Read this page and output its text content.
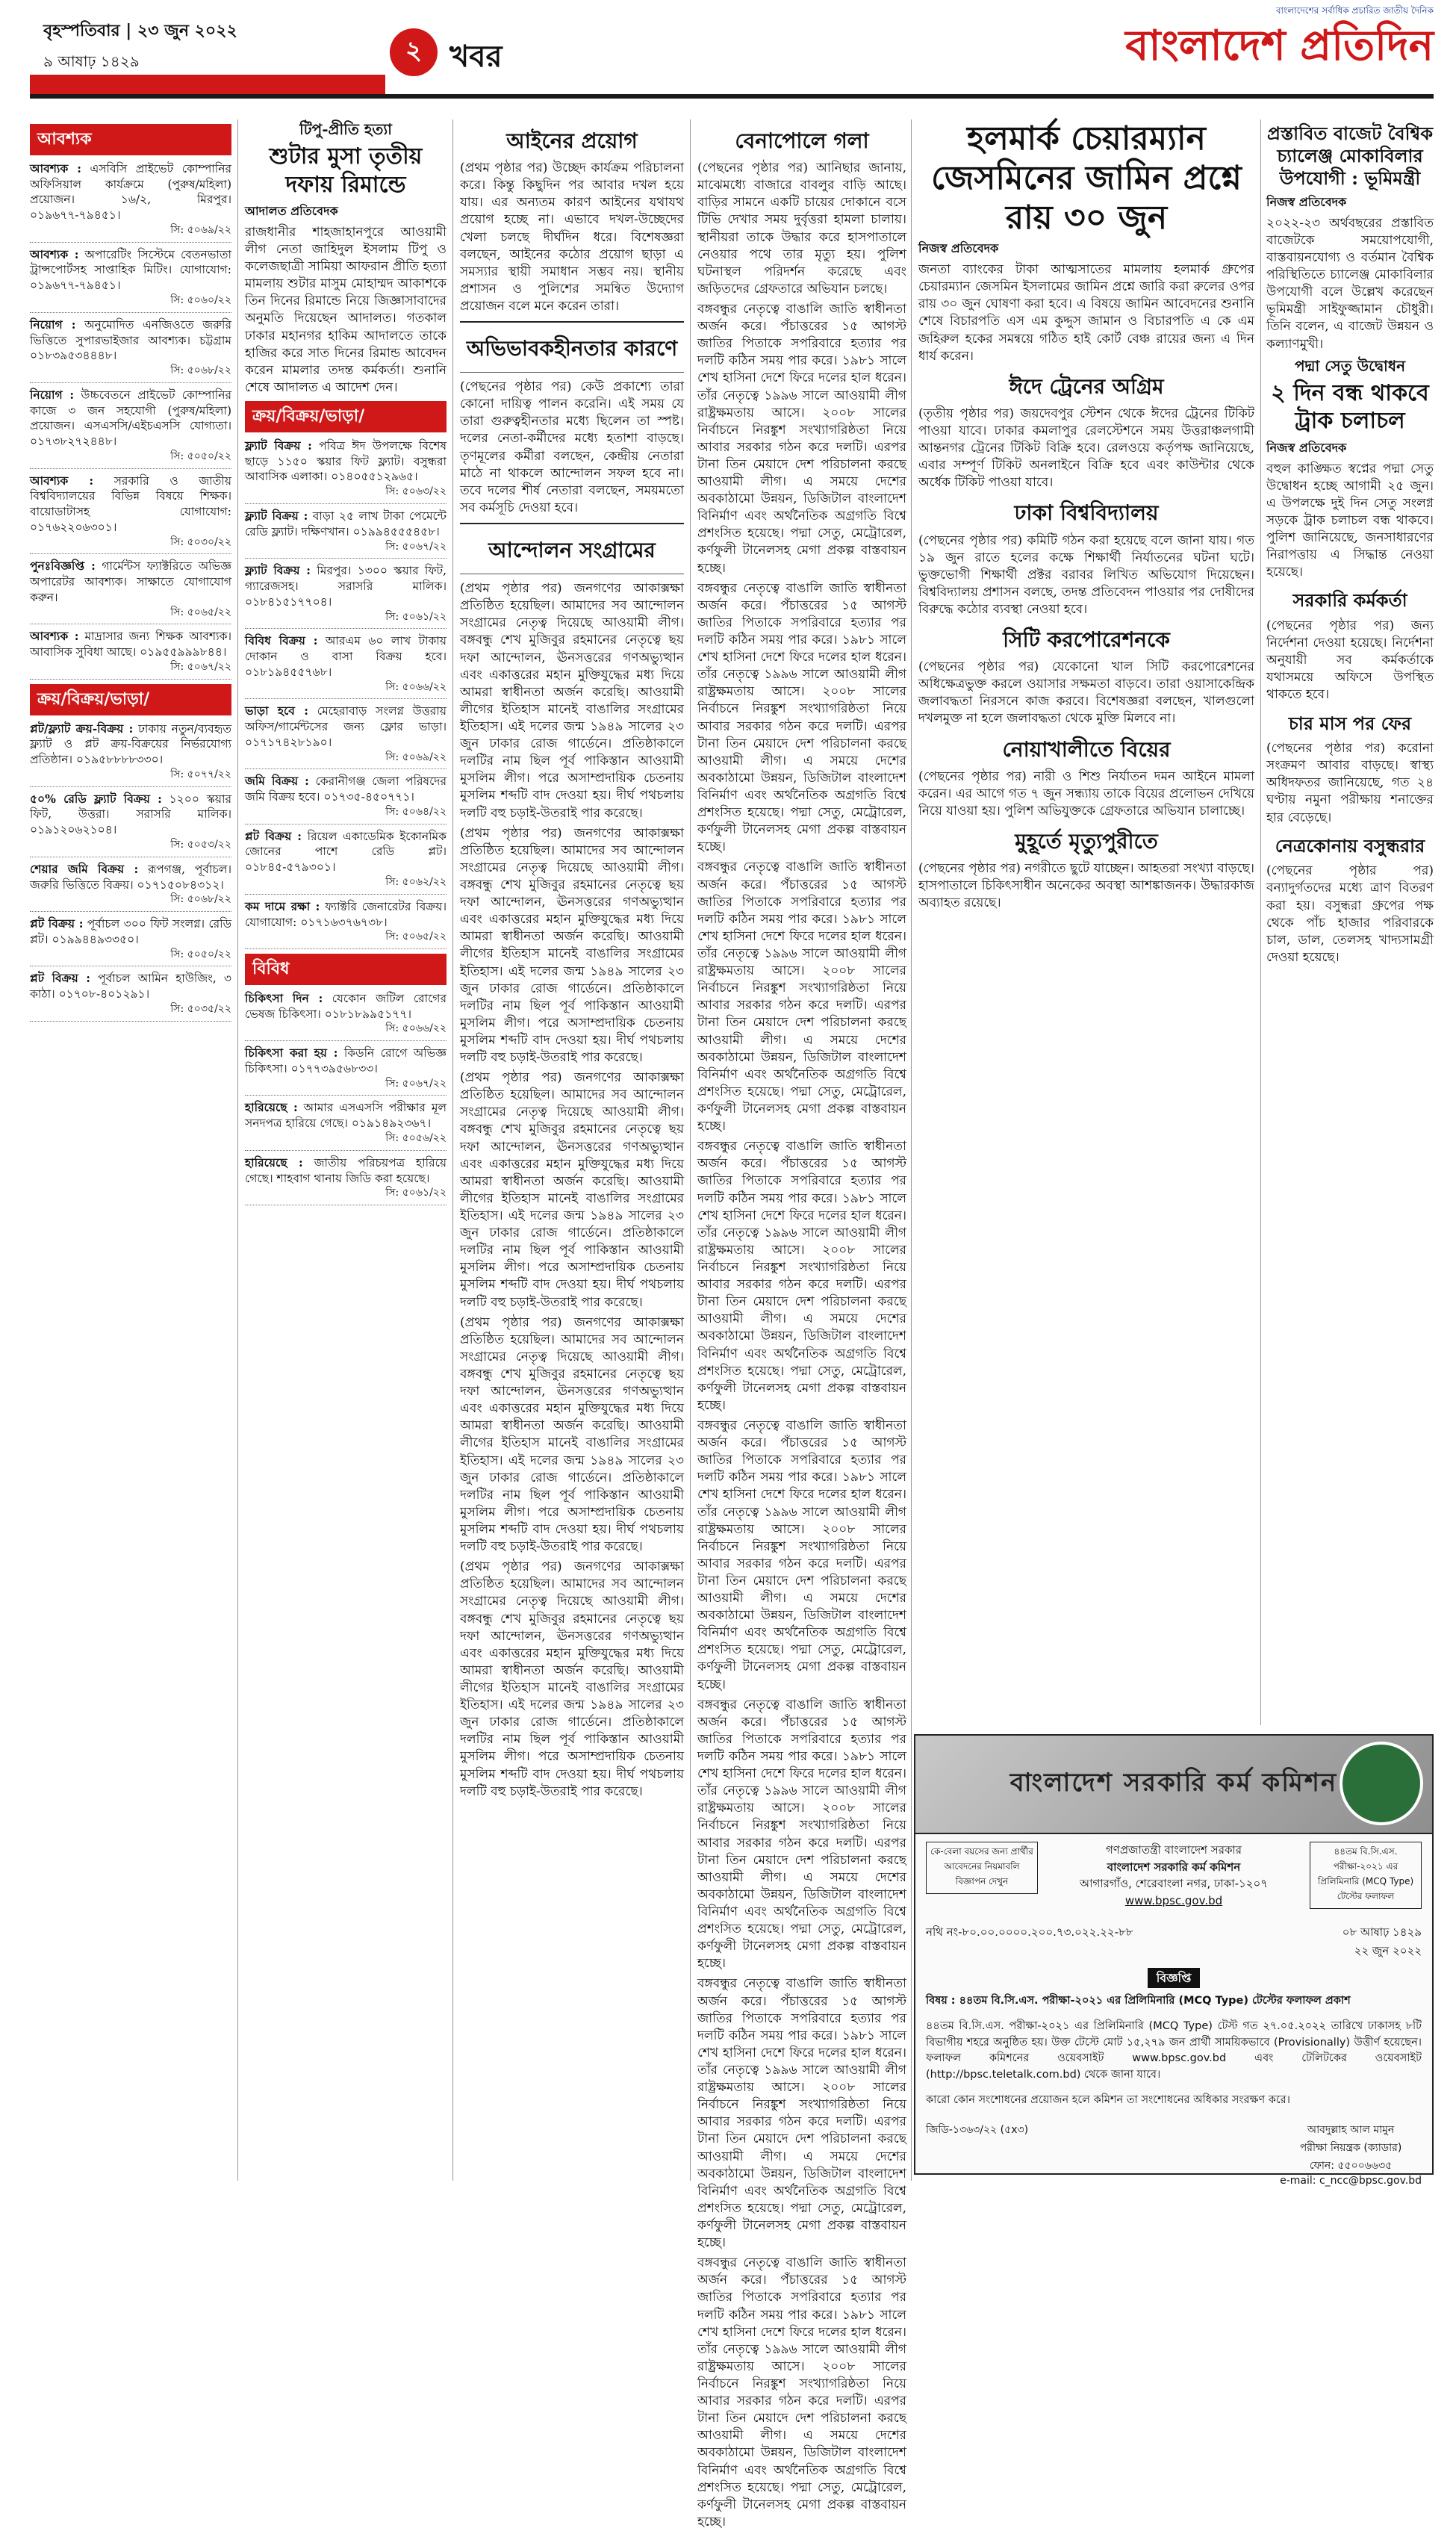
বৃহস্পতিবার | ২৩ জুন ২০২২
৯ আষাঢ় ১৪২৯	২ খবর
বাংলাদেশের সর্বাধিক প্রচারিত জাতীয় দৈনিক
বাংলাদেশ প্রতিদিন
আবশ্যক
আবশ্যক : এসবিসি প্রাইভেট কোম্পানির অফিসিয়াল কার্যক্রমে (পুরুষ/মহিলা) প্রয়োজন। ১৬/২, মিরপুর। ০১৯৬৭৭-৭৯৪৫১।
সি: ৫০৬৯/২২
আবশ্যক : অপারেটিং সিস্টেমে বেতনভাতা ট্রান্সপোর্টসহ সাপ্তাহিক মিটিং। যোগাযোগ: ০১৯৬৭৭-৭৯৪৫১।
সি: ৫০৬০/২২
নিয়োগ : অনুমোদিত এনজিওতে জরুরি ভিত্তিতে সুপারভাইজার আবশ্যক। চট্টগ্রাম ০১৮৩৯৫৩৪৪৪৮।
সি: ৫০৬৮/২২
নিয়োগ : উচ্চবেতনে প্রাইভেট কোম্পানির কাজে ৩ জন সহযোগী (পুরুষ/মহিলা) প্রয়োজন। এসএসসি/এইচএসসি যোগ্যতা। ০১৭৩৮২৭২৪৪৮।
সি: ৫০৫০/২২
আবশ্যক : সরকারি ও জাতীয় বিশ্ববিদ্যালয়ের বিভিন্ন বিষয়ে শিক্ষক। বায়োডাটাসহ যোগাযোগ: ০১৭৬২২০৬৩০১।
সি: ৫০৩০/২২
পুনঃবিজ্ঞপ্তি : গার্মেন্টস ফ্যাক্টরিতে অভিজ্ঞ অপারেটর আবশ্যক। সাক্ষাতে যোগাযোগ করুন।
সি: ৫০৬৫/২২
আবশ্যক : মাদ্রাসার জন্য শিক্ষক আবশ্যক। আবাসিক সুবিধা আছে। ০১৯৫৫৯৯৯৮৪৪।
সি: ৫০৬৭/২২
ক্রয়/বিক্রয়/ভাড়া/
প্লট/ফ্ল্যাট ক্রয়-বিক্রয় : ঢাকায় নতুন/ব্যবহৃত ফ্ল্যাট ও প্লট ক্রয়-বিক্রয়ের নির্ভরযোগ্য প্রতিষ্ঠান। ০১৯৫৮৮৮৮৩৩০।
সি: ৫০৭৭/২২
৫০% রেডি ফ্ল্যাট বিক্রয় : ১২০০ স্কয়ার ফিট, উত্তরা। সরাসরি মালিক। ০১৯১২০৬২১০৪।
সি: ৫০৫৩/২২
শেয়ার জমি বিক্রয় : রূপগঞ্জ, পূর্বাচল। জরুরি ভিত্তিতে বিক্রয়। ০১৭১৫০৮৪৩১২।
সি: ৫০৬৮/২২
প্লট বিক্রয় : পূর্বাচল ৩০০ ফিট সংলগ্ন। রেডি প্লট। ০১৯৯৪৪৯৩৩৫০।
সি: ৫০৫০/২২
প্লট বিক্রয় : পূর্বাচল আমিন হাউজিং, ৩ কাঠা। ০১৭০৮-৪০১২৯১।
সি: ৫০৩৫/২২
টিপু-প্রীতি হত্যা
শুটার মুসা তৃতীয় দফায় রিমান্ডে
আদালত প্রতিবেদক

রাজধানীর শাহজাহানপুরে আওয়ামী লীগ নেতা জাহিদুল ইসলাম টিপু ও কলেজছাত্রী সামিয়া আফরান প্রীতি হত্যা মামলায় শুটার মাসুম মোহাম্মদ আকাশকে তিন দিনের রিমান্ডে নিয়ে জিজ্ঞাসাবাদের অনুমতি দিয়েছেন আদালত। গতকাল ঢাকার মহানগর হাকিম আদালতে তাকে হাজির করে সাত দিনের রিমান্ড আবেদন করেন মামলার তদন্ত কর্মকর্তা। শুনানি শেষে আদালত এ আদেশ দেন।

ক্রয়/বিক্রয়/ভাড়া/
ফ্ল্যাট বিক্রয় : পবিত্র ঈদ উপলক্ষে বিশেষ ছাড়ে ১১৫০ স্কয়ার ফিট ফ্ল্যাট। বসুন্ধরা আবাসিক এলাকা। ০১৪০৫৫১২৯৬৫।
সি: ৫০৬৩/২২
ফ্ল্যাট বিক্রয় : বাড়া ২৫ লাখ টাকা পেমেন্টে রেডি ফ্ল্যাট। দক্ষিণখান। ০১৯৯৪৫৫৫৪৫৮।
সি: ৫০৬৭/২২
ফ্ল্যাট বিক্রয় : মিরপুর। ১৩০০ স্কয়ার ফিট, গ্যারেজসহ। সরাসরি মালিক। ০১৮৪১৫১৭৭০৪।
সি: ৫০৬১/২২
বিবিধ বিক্রয় : আরএম ৬০ লাখ টাকায় দোকান ও বাসা বিক্রয় হবে। ০১৮১৯৪৫৫৭৬৮।
সি: ৫০৬৬/২২
ভাড়া হবে : মেহেরাবাড় সংলগ্ন উত্তরায় অফিস/গার্মেন্টসের জন্য ফ্লোর ভাড়া। ০১৭১৭৪২৮১৯০।
সি: ৫০৬৯/২২
জমি বিক্রয় : কেরানীগঞ্জ জেলা পরিষদের জমি বিক্রয় হবে। ০১৭৩৫-৪৫০৭৭১।
সি: ৫০৬৪/২২
প্লট বিক্রয় : রিয়েল একাডেমিক ইকোনমিক জোনের পাশে রেডি প্লট। ০১৮৪৫-৫৭৯৩০১।
সি: ৫০৬২/২২
কম দামে রক্ষা : ফ্যাক্টরি জেনারেটর বিক্রয়। যোগাযোগ: ০১৭১৬৩৭৬৭৩৮।
সি: ৫০৬৫/২২
বিবিধ
চিকিৎসা দিন : যেকোন জটিল রোগের ভেষজ চিকিৎসা। ০১৮১৮৯৯৫১৭৭।
সি: ৫০৬৬/২২
চিকিৎসা করা হয় : কিডনি রোগে অভিজ্ঞ চিকিৎসা। ০১৭৭৩৯৫৬৮৩৩।
সি: ৫০৬৭/২২
হারিয়েছে : আমার এসএসসি পরীক্ষার মূল সনদপত্র হারিয়ে গেছে। ০১৯১৪৯২৩৬৭।
সি: ৫০৫৬/২২
হারিয়েছে : জাতীয় পরিচয়পত্র হারিয়ে গেছে। শাহবাগ থানায় জিডি করা হয়েছে।
সি: ৫০৬১/২২
আইনের প্রয়োগ

(প্রথম পৃষ্ঠার পর) উচ্ছেদ কার্যক্রম পরিচালনা করে। কিন্তু কিছুদিন পর আবার দখল হয়ে যায়। এর অন্যতম কারণ আইনের যথাযথ প্রয়োগ হচ্ছে না। এভাবে দখল-উচ্ছেদের খেলা চলছে দীর্ঘদিন ধরে। বিশেষজ্ঞরা বলছেন, আইনের কঠোর প্রয়োগ ছাড়া এ সমস্যার স্থায়ী সমাধান সম্ভব নয়। স্থানীয় প্রশাসন ও পুলিশের সমন্বিত উদ্যোগ প্রয়োজন বলে মনে করেন তারা।

অভিভাবকহীনতার কারণে

(পেছনের পৃষ্ঠার পর) কেউ প্রকাশ্যে তারা কোনো দায়িত্ব পালন করেনি। এই সময় যে তারা গুরুত্বহীনতার মধ্যে ছিলেন তা স্পষ্ট। দলের নেতা-কর্মীদের মধ্যে হতাশা বাড়ছে। তৃণমূলের কর্মীরা বলছেন, কেন্দ্রীয় নেতারা মাঠে না থাকলে আন্দোলন সফল হবে না। তবে দলের শীর্ষ নেতারা বলছেন, সময়মতো সব কর্মসূচি দেওয়া হবে।

আন্দোলন সংগ্রামের

(প্রথম পৃষ্ঠার পর) জনগণের আকাক্সক্ষা প্রতিষ্ঠিত হয়েছিল। আমাদের সব আন্দোলন সংগ্রামের নেতৃত্ব দিয়েছে আওয়ামী লীগ। বঙ্গবন্ধু শেখ মুজিবুর রহমানের নেতৃত্বে ছয় দফা আন্দোলন, ঊনসত্তরের গণঅভ্যুত্থান এবং একাত্তরের মহান মুক্তিযুদ্ধের মধ্য দিয়ে আমরা স্বাধীনতা অর্জন করেছি। আওয়ামী লীগের ইতিহাস মানেই বাঙালির সংগ্রামের ইতিহাস। এই দলের জন্ম ১৯৪৯ সালের ২৩ জুন ঢাকার রোজ গার্ডেনে। প্রতিষ্ঠাকালে দলটির নাম ছিল পূর্ব পাকিস্তান আওয়ামী মুসলিম লীগ। পরে অসাম্প্রদায়িক চেতনায় মুসলিম শব্দটি বাদ দেওয়া হয়। দীর্ঘ পথচলায় দলটি বহু চড়াই-উতরাই পার করেছে।

(প্রথম পৃষ্ঠার পর) জনগণের আকাক্সক্ষা প্রতিষ্ঠিত হয়েছিল। আমাদের সব আন্দোলন সংগ্রামের নেতৃত্ব দিয়েছে আওয়ামী লীগ। বঙ্গবন্ধু শেখ মুজিবুর রহমানের নেতৃত্বে ছয় দফা আন্দোলন, ঊনসত্তরের গণঅভ্যুত্থান এবং একাত্তরের মহান মুক্তিযুদ্ধের মধ্য দিয়ে আমরা স্বাধীনতা অর্জন করেছি। আওয়ামী লীগের ইতিহাস মানেই বাঙালির সংগ্রামের ইতিহাস। এই দলের জন্ম ১৯৪৯ সালের ২৩ জুন ঢাকার রোজ গার্ডেনে। প্রতিষ্ঠাকালে দলটির নাম ছিল পূর্ব পাকিস্তান আওয়ামী মুসলিম লীগ। পরে অসাম্প্রদায়িক চেতনায় মুসলিম শব্দটি বাদ দেওয়া হয়। দীর্ঘ পথচলায় দলটি বহু চড়াই-উতরাই পার করেছে।

(প্রথম পৃষ্ঠার পর) জনগণের আকাক্সক্ষা প্রতিষ্ঠিত হয়েছিল। আমাদের সব আন্দোলন সংগ্রামের নেতৃত্ব দিয়েছে আওয়ামী লীগ। বঙ্গবন্ধু শেখ মুজিবুর রহমানের নেতৃত্বে ছয় দফা আন্দোলন, ঊনসত্তরের গণঅভ্যুত্থান এবং একাত্তরের মহান মুক্তিযুদ্ধের মধ্য দিয়ে আমরা স্বাধীনতা অর্জন করেছি। আওয়ামী লীগের ইতিহাস মানেই বাঙালির সংগ্রামের ইতিহাস। এই দলের জন্ম ১৯৪৯ সালের ২৩ জুন ঢাকার রোজ গার্ডেনে। প্রতিষ্ঠাকালে দলটির নাম ছিল পূর্ব পাকিস্তান আওয়ামী মুসলিম লীগ। পরে অসাম্প্রদায়িক চেতনায় মুসলিম শব্দটি বাদ দেওয়া হয়। দীর্ঘ পথচলায় দলটি বহু চড়াই-উতরাই পার করেছে।

(প্রথম পৃষ্ঠার পর) জনগণের আকাক্সক্ষা প্রতিষ্ঠিত হয়েছিল। আমাদের সব আন্দোলন সংগ্রামের নেতৃত্ব দিয়েছে আওয়ামী লীগ। বঙ্গবন্ধু শেখ মুজিবুর রহমানের নেতৃত্বে ছয় দফা আন্দোলন, ঊনসত্তরের গণঅভ্যুত্থান এবং একাত্তরের মহান মুক্তিযুদ্ধের মধ্য দিয়ে আমরা স্বাধীনতা অর্জন করেছি। আওয়ামী লীগের ইতিহাস মানেই বাঙালির সংগ্রামের ইতিহাস। এই দলের জন্ম ১৯৪৯ সালের ২৩ জুন ঢাকার রোজ গার্ডেনে। প্রতিষ্ঠাকালে দলটির নাম ছিল পূর্ব পাকিস্তান আওয়ামী মুসলিম লীগ। পরে অসাম্প্রদায়িক চেতনায় মুসলিম শব্দটি বাদ দেওয়া হয়। দীর্ঘ পথচলায় দলটি বহু চড়াই-উতরাই পার করেছে।

(প্রথম পৃষ্ঠার পর) জনগণের আকাক্সক্ষা প্রতিষ্ঠিত হয়েছিল। আমাদের সব আন্দোলন সংগ্রামের নেতৃত্ব দিয়েছে আওয়ামী লীগ। বঙ্গবন্ধু শেখ মুজিবুর রহমানের নেতৃত্বে ছয় দফা আন্দোলন, ঊনসত্তরের গণঅভ্যুত্থান এবং একাত্তরের মহান মুক্তিযুদ্ধের মধ্য দিয়ে আমরা স্বাধীনতা অর্জন করেছি। আওয়ামী লীগের ইতিহাস মানেই বাঙালির সংগ্রামের ইতিহাস। এই দলের জন্ম ১৯৪৯ সালের ২৩ জুন ঢাকার রোজ গার্ডেনে। প্রতিষ্ঠাকালে দলটির নাম ছিল পূর্ব পাকিস্তান আওয়ামী মুসলিম লীগ। পরে অসাম্প্রদায়িক চেতনায় মুসলিম শব্দটি বাদ দেওয়া হয়। দীর্ঘ পথচলায় দলটি বহু চড়াই-উতরাই পার করেছে।

বেনাপোলে গলা

(পেছনের পৃষ্ঠার পর) আনিছার জানায়, মাঝেমধ্যে বাজারে বাবলুর বাড়ি আছে। বাড়ির সামনে একটি চায়ের দোকানে বসে টিভি দেখার সময় দুর্বৃত্তরা হামলা চালায়। স্থানীয়রা তাকে উদ্ধার করে হাসপাতালে নেওয়ার পথে তার মৃত্যু হয়। পুলিশ ঘটনাস্থল পরিদর্শন করেছে এবং জড়িতদের গ্রেফতারে অভিযান চলছে।

বঙ্গবন্ধুর নেতৃত্বে বাঙালি জাতি স্বাধীনতা অর্জন করে। পঁচাত্তরের ১৫ আগস্ট জাতির পিতাকে সপরিবারে হত্যার পর দলটি কঠিন সময় পার করে। ১৯৮১ সালে শেখ হাসিনা দেশে ফিরে দলের হাল ধরেন। তাঁর নেতৃত্বে ১৯৯৬ সালে আওয়ামী লীগ রাষ্ট্রক্ষমতায় আসে। ২০০৮ সালের নির্বাচনে নিরঙ্কুশ সংখ্যাগরিষ্ঠতা নিয়ে আবার সরকার গঠন করে দলটি। এরপর টানা তিন মেয়াদে দেশ পরিচালনা করছে আওয়ামী লীগ। এ সময়ে দেশের অবকাঠামো উন্নয়ন, ডিজিটাল বাংলাদেশ বিনির্মাণ এবং অর্থনৈতিক অগ্রগতি বিশ্বে প্রশংসিত হয়েছে। পদ্মা সেতু, মেট্রোরেল, কর্ণফুলী টানেলসহ মেগা প্রকল্প বাস্তবায়ন হচ্ছে।

বঙ্গবন্ধুর নেতৃত্বে বাঙালি জাতি স্বাধীনতা অর্জন করে। পঁচাত্তরের ১৫ আগস্ট জাতির পিতাকে সপরিবারে হত্যার পর দলটি কঠিন সময় পার করে। ১৯৮১ সালে শেখ হাসিনা দেশে ফিরে দলের হাল ধরেন। তাঁর নেতৃত্বে ১৯৯৬ সালে আওয়ামী লীগ রাষ্ট্রক্ষমতায় আসে। ২০০৮ সালের নির্বাচনে নিরঙ্কুশ সংখ্যাগরিষ্ঠতা নিয়ে আবার সরকার গঠন করে দলটি। এরপর টানা তিন মেয়াদে দেশ পরিচালনা করছে আওয়ামী লীগ। এ সময়ে দেশের অবকাঠামো উন্নয়ন, ডিজিটাল বাংলাদেশ বিনির্মাণ এবং অর্থনৈতিক অগ্রগতি বিশ্বে প্রশংসিত হয়েছে। পদ্মা সেতু, মেট্রোরেল, কর্ণফুলী টানেলসহ মেগা প্রকল্প বাস্তবায়ন হচ্ছে।

বঙ্গবন্ধুর নেতৃত্বে বাঙালি জাতি স্বাধীনতা অর্জন করে। পঁচাত্তরের ১৫ আগস্ট জাতির পিতাকে সপরিবারে হত্যার পর দলটি কঠিন সময় পার করে। ১৯৮১ সালে শেখ হাসিনা দেশে ফিরে দলের হাল ধরেন। তাঁর নেতৃত্বে ১৯৯৬ সালে আওয়ামী লীগ রাষ্ট্রক্ষমতায় আসে। ২০০৮ সালের নির্বাচনে নিরঙ্কুশ সংখ্যাগরিষ্ঠতা নিয়ে আবার সরকার গঠন করে দলটি। এরপর টানা তিন মেয়াদে দেশ পরিচালনা করছে আওয়ামী লীগ। এ সময়ে দেশের অবকাঠামো উন্নয়ন, ডিজিটাল বাংলাদেশ বিনির্মাণ এবং অর্থনৈতিক অগ্রগতি বিশ্বে প্রশংসিত হয়েছে। পদ্মা সেতু, মেট্রোরেল, কর্ণফুলী টানেলসহ মেগা প্রকল্প বাস্তবায়ন হচ্ছে।

বঙ্গবন্ধুর নেতৃত্বে বাঙালি জাতি স্বাধীনতা অর্জন করে। পঁচাত্তরের ১৫ আগস্ট জাতির পিতাকে সপরিবারে হত্যার পর দলটি কঠিন সময় পার করে। ১৯৮১ সালে শেখ হাসিনা দেশে ফিরে দলের হাল ধরেন। তাঁর নেতৃত্বে ১৯৯৬ সালে আওয়ামী লীগ রাষ্ট্রক্ষমতায় আসে। ২০০৮ সালের নির্বাচনে নিরঙ্কুশ সংখ্যাগরিষ্ঠতা নিয়ে আবার সরকার গঠন করে দলটি। এরপর টানা তিন মেয়াদে দেশ পরিচালনা করছে আওয়ামী লীগ। এ সময়ে দেশের অবকাঠামো উন্নয়ন, ডিজিটাল বাংলাদেশ বিনির্মাণ এবং অর্থনৈতিক অগ্রগতি বিশ্বে প্রশংসিত হয়েছে। পদ্মা সেতু, মেট্রোরেল, কর্ণফুলী টানেলসহ মেগা প্রকল্প বাস্তবায়ন হচ্ছে।

বঙ্গবন্ধুর নেতৃত্বে বাঙালি জাতি স্বাধীনতা অর্জন করে। পঁচাত্তরের ১৫ আগস্ট জাতির পিতাকে সপরিবারে হত্যার পর দলটি কঠিন সময় পার করে। ১৯৮১ সালে শেখ হাসিনা দেশে ফিরে দলের হাল ধরেন। তাঁর নেতৃত্বে ১৯৯৬ সালে আওয়ামী লীগ রাষ্ট্রক্ষমতায় আসে। ২০০৮ সালের নির্বাচনে নিরঙ্কুশ সংখ্যাগরিষ্ঠতা নিয়ে আবার সরকার গঠন করে দলটি। এরপর টানা তিন মেয়াদে দেশ পরিচালনা করছে আওয়ামী লীগ। এ সময়ে দেশের অবকাঠামো উন্নয়ন, ডিজিটাল বাংলাদেশ বিনির্মাণ এবং অর্থনৈতিক অগ্রগতি বিশ্বে প্রশংসিত হয়েছে। পদ্মা সেতু, মেট্রোরেল, কর্ণফুলী টানেলসহ মেগা প্রকল্প বাস্তবায়ন হচ্ছে।

বঙ্গবন্ধুর নেতৃত্বে বাঙালি জাতি স্বাধীনতা অর্জন করে। পঁচাত্তরের ১৫ আগস্ট জাতির পিতাকে সপরিবারে হত্যার পর দলটি কঠিন সময় পার করে। ১৯৮১ সালে শেখ হাসিনা দেশে ফিরে দলের হাল ধরেন। তাঁর নেতৃত্বে ১৯৯৬ সালে আওয়ামী লীগ রাষ্ট্রক্ষমতায় আসে। ২০০৮ সালের নির্বাচনে নিরঙ্কুশ সংখ্যাগরিষ্ঠতা নিয়ে আবার সরকার গঠন করে দলটি। এরপর টানা তিন মেয়াদে দেশ পরিচালনা করছে আওয়ামী লীগ। এ সময়ে দেশের অবকাঠামো উন্নয়ন, ডিজিটাল বাংলাদেশ বিনির্মাণ এবং অর্থনৈতিক অগ্রগতি বিশ্বে প্রশংসিত হয়েছে। পদ্মা সেতু, মেট্রোরেল, কর্ণফুলী টানেলসহ মেগা প্রকল্প বাস্তবায়ন হচ্ছে।

বঙ্গবন্ধুর নেতৃত্বে বাঙালি জাতি স্বাধীনতা অর্জন করে। পঁচাত্তরের ১৫ আগস্ট জাতির পিতাকে সপরিবারে হত্যার পর দলটি কঠিন সময় পার করে। ১৯৮১ সালে শেখ হাসিনা দেশে ফিরে দলের হাল ধরেন। তাঁর নেতৃত্বে ১৯৯৬ সালে আওয়ামী লীগ রাষ্ট্রক্ষমতায় আসে। ২০০৮ সালের নির্বাচনে নিরঙ্কুশ সংখ্যাগরিষ্ঠতা নিয়ে আবার সরকার গঠন করে দলটি। এরপর টানা তিন মেয়াদে দেশ পরিচালনা করছে আওয়ামী লীগ। এ সময়ে দেশের অবকাঠামো উন্নয়ন, ডিজিটাল বাংলাদেশ বিনির্মাণ এবং অর্থনৈতিক অগ্রগতি বিশ্বে প্রশংসিত হয়েছে। পদ্মা সেতু, মেট্রোরেল, কর্ণফুলী টানেলসহ মেগা প্রকল্প বাস্তবায়ন হচ্ছে।

বঙ্গবন্ধুর নেতৃত্বে বাঙালি জাতি স্বাধীনতা অর্জন করে। পঁচাত্তরের ১৫ আগস্ট জাতির পিতাকে সপরিবারে হত্যার পর দলটি কঠিন সময় পার করে। ১৯৮১ সালে শেখ হাসিনা দেশে ফিরে দলের হাল ধরেন। তাঁর নেতৃত্বে ১৯৯৬ সালে আওয়ামী লীগ রাষ্ট্রক্ষমতায় আসে। ২০০৮ সালের নির্বাচনে নিরঙ্কুশ সংখ্যাগরিষ্ঠতা নিয়ে আবার সরকার গঠন করে দলটি। এরপর টানা তিন মেয়াদে দেশ পরিচালনা করছে আওয়ামী লীগ। এ সময়ে দেশের অবকাঠামো উন্নয়ন, ডিজিটাল বাংলাদেশ বিনির্মাণ এবং অর্থনৈতিক অগ্রগতি বিশ্বে প্রশংসিত হয়েছে। পদ্মা সেতু, মেট্রোরেল, কর্ণফুলী টানেলসহ মেগা প্রকল্প বাস্তবায়ন হচ্ছে।

হলমার্ক চেয়ারম্যান জেসমিনের জামিন প্রশ্নে রায় ৩০ জুন
নিজস্ব প্রতিবেদক

জনতা ব্যাংকের টাকা আত্মসাতের মামলায় হলমার্ক গ্রুপের চেয়ারম্যান জেসমিন ইসলামের জামিন প্রশ্নে জারি করা রুলের ওপর রায় ৩০ জুন ঘোষণা করা হবে। এ বিষয়ে জামিন আবেদনের শুনানি শেষে বিচারপতি এস এম কুদ্দুস জামান ও বিচারপতি এ কে এম জহিরুল হকের সমন্বয়ে গঠিত হাই কোর্ট বেঞ্চ রায়ের জন্য এ দিন ধার্য করেন।

ঈদে ট্রেনের অগ্রিম

(তৃতীয় পৃষ্ঠার পর) জয়দেবপুর স্টেশন থেকে ঈদের ট্রেনের টিকিট পাওয়া যাবে। ঢাকার কমলাপুর রেলস্টেশনে সময় উত্তরাঞ্চলগামী আন্তনগর ট্রেনের টিকিট বিক্রি হবে। রেলওয়ে কর্তৃপক্ষ জানিয়েছে, এবার সম্পূর্ণ টিকিট অনলাইনে বিক্রি হবে এবং কাউন্টার থেকে অর্ধেক টিকিট পাওয়া যাবে।

ঢাকা বিশ্ববিদ্যালয়

(পেছনের পৃষ্ঠার পর) কমিটি গঠন করা হয়েছে বলে জানা যায়। গত ১৯ জুন রাতে হলের কক্ষে শিক্ষার্থী নির্যাতনের ঘটনা ঘটে। ভুক্তভোগী শিক্ষার্থী প্রক্টর বরাবর লিখিত অভিযোগ দিয়েছেন। বিশ্ববিদ্যালয় প্রশাসন বলছে, তদন্ত প্রতিবেদন পাওয়ার পর দোষীদের বিরুদ্ধে কঠোর ব্যবস্থা নেওয়া হবে।

সিটি করপোরেশনকে

(পেছনের পৃষ্ঠার পর) যেকোনো খাল সিটি করপোরেশনের অধিক্ষেত্রভুক্ত করলে ওয়াসার সক্ষমতা বাড়বে। তারা ওয়াসাকেন্দ্রিক জলাবদ্ধতা নিরসনে কাজ করবে। বিশেষজ্ঞরা বলছেন, খালগুলো দখলমুক্ত না হলে জলাবদ্ধতা থেকে মুক্তি মিলবে না।

নোয়াখালীতে বিয়ের

(পেছনের পৃষ্ঠার পর) নারী ও শিশু নির্যাতন দমন আইনে মামলা করেন। এর আগে গত ৭ জুন সন্ধ্যায় তাকে বিয়ের প্রলোভন দেখিয়ে নিয়ে যাওয়া হয়। পুলিশ অভিযুক্তকে গ্রেফতারে অভিযান চালাচ্ছে।

মুহূর্তে মৃত্যুপুরীতে

(পেছনের পৃষ্ঠার পর) নগরীতে ছুটে যাচ্ছেন। আহতরা সংখ্যা বাড়ছে। হাসপাতালে চিকিৎসাধীন অনেকের অবস্থা আশঙ্কাজনক। উদ্ধারকাজ অব্যাহত রয়েছে।

প্রস্তাবিত বাজেট বৈশ্বিক চ্যালেঞ্জ মোকাবিলার উপযোগী : ভূমিমন্ত্রী
নিজস্ব প্রতিবেদক

২০২২-২৩ অর্থবছরের প্রস্তাবিত বাজেটকে সময়োপযোগী, বাস্তবায়নযোগ্য ও বর্তমান বৈশ্বিক পরিস্থিতিতে চ্যালেঞ্জ মোকাবিলার উপযোগী বলে উল্লেখ করেছেন ভূমিমন্ত্রী সাইফুজ্জামান চৌধুরী। তিনি বলেন, এ বাজেট উন্নয়ন ও কল্যাণমুখী।

পদ্মা সেতু উদ্বোধন
২ দিন বন্ধ থাকবে ট্রাক চলাচল
নিজস্ব প্রতিবেদক

বহুল কাঙ্ক্ষিত স্বপ্নের পদ্মা সেতু উদ্বোধন হচ্ছে আগামী ২৫ জুন। এ উপলক্ষে দুই দিন সেতু সংলগ্ন সড়কে ট্রাক চলাচল বন্ধ থাকবে। পুলিশ জানিয়েছে, জনসাধারণের নিরাপত্তায় এ সিদ্ধান্ত নেওয়া হয়েছে।

সরকারি কর্মকর্তা

(পেছনের পৃষ্ঠার পর) জন্য নির্দেশনা দেওয়া হয়েছে। নির্দেশনা অনুযায়ী সব কর্মকর্তাকে যথাসময়ে অফিসে উপস্থিত থাকতে হবে।

চার মাস পর ফের

(পেছনের পৃষ্ঠার পর) করোনা সংক্রমণ আবার বাড়ছে। স্বাস্থ্য অধিদফতর জানিয়েছে, গত ২৪ ঘণ্টায় নমুনা পরীক্ষায় শনাক্তের হার বেড়েছে।

নেত্রকোনায় বসুন্ধরার

(পেছনের পৃষ্ঠার পর) বন্যাদুর্গতদের মধ্যে ত্রাণ বিতরণ করা হয়। বসুন্ধরা গ্রুপের পক্ষ থেকে পাঁচ হাজার পরিবারকে চাল, ডাল, তেলসহ খাদ্যসামগ্রী দেওয়া হয়েছে।

বাংলাদেশ সরকারি কর্ম কমিশন
কে-বেলা বয়সের জন্য প্রার্থীর আবেদনের নিয়মাবলি বিজ্ঞাপন দেখুন
গণপ্রজাতন্ত্রী বাংলাদেশ সরকার
বাংলাদেশ সরকারি কর্ম কমিশন
আগারগাঁও, শেরেবাংলা নগর, ঢাকা-১২০৭
www.bpsc.gov.bd
৪৪তম বি.সি.এস. পরীক্ষা-২০২১ এর প্রিলিমিনারি (MCQ Type) টেস্টের ফলাফল
নথি নং-৮০.০০.০০০০.২০০.৭৩.০২২.২২-৮৮	০৮ আষাঢ় ১৪২৯
২২ জুন ২০২২
বিজ্ঞপ্তি
বিষয় : ৪৪তম বি.সি.এস. পরীক্ষা-২০২১ এর প্রিলিমিনারি (MCQ Type) টেস্টের ফলাফল প্রকাশ
৪৪তম বি.সি.এস. পরীক্ষা-২০২১ এর প্রিলিমিনারি (MCQ Type) টেস্ট গত ২৭.০৫.২০২২ তারিখে ঢাকাসহ ৮টি বিভাগীয় শহরে অনুষ্ঠিত হয়। উক্ত টেস্টে মোট ১৫,২৭৯ জন প্রার্থী সাময়িকভাবে (Provisionally) উত্তীর্ণ হয়েছেন। ফলাফল কমিশনের ওয়েবসাইট www.bpsc.gov.bd এবং টেলিটকের ওয়েবসাইট (http://bpsc.teletalk.com.bd) থেকে জানা যাবে।
কারো কোন সংশোধনের প্রয়োজন হলে কমিশন তা সংশোধনের অধিকার সংরক্ষণ করে।
জিডি-১৩৬৩/২২ (৫x৩)	আবদুল্লাহ আল মামুন
পরীক্ষা নিয়ন্ত্রক (ক্যাডার)
ফোন: ৫৫০০৬৬৩৫
e-mail: c_ncc@bpsc.gov.bd
